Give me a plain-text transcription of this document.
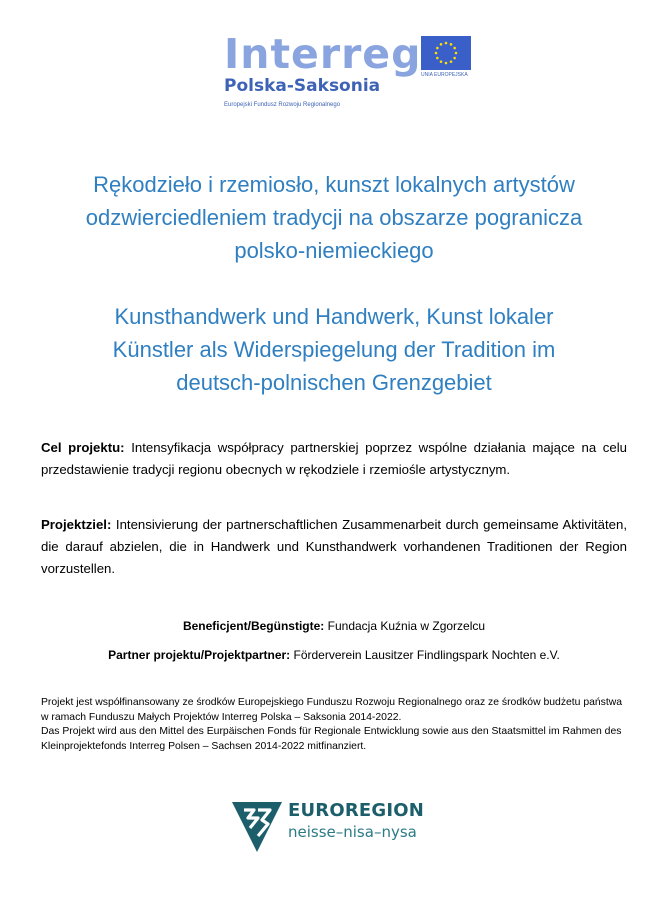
Interreg
Polska-Saksonia
Europejski Fundusz Rozwoju Regionalnego
UNIA EUROPEJSKA
Rękodzieło i rzemiosło, kunszt lokalnych artystów
odzwierciedleniem tradycji na obszarze pogranicza
polsko-niemieckiego
Kunsthandwerk und Handwerk, Kunst lokaler
Künstler als Widerspiegelung der Tradition im
deutsch-polnischen Grenzgebiet

Cel projektu: Intensyfikacja współpracy partnerskiej poprzez wspólne działania mające na celu przedstawienie tradycji regionu obecnych w rękodziele i rzemiośle artystycznym.

Projektziel: Intensivierung der partnerschaftlichen Zusammenarbeit durch gemeinsame Aktivitäten, die darauf abzielen, die in Handwerk und Kunsthandwerk vorhandenen Traditionen der Region vorzustellen.

Beneficjent/Begünstigte: Fundacja Kuźnia w Zgorzelcu

Partner projektu/Projektpartner: Förderverein Lausitzer Findlingspark Nochten e.V.

Projekt jest współfinansowany ze środków Europejskiego Funduszu Rozwoju Regionalnego oraz ze środków budżetu państwa w ramach Funduszu Małych Projektów Interreg Polska – Saksonia 2014-2022.

Das Projekt wird aus den Mittel des Eurpäischen Fonds für Regionale Entwicklung sowie aus den Staatsmittel im Rahmen des Kleinprojektefonds Interreg Polsen – Sachsen 2014-2022 mitfinanziert.

EUROREGION
neisse–nisa–nysa
